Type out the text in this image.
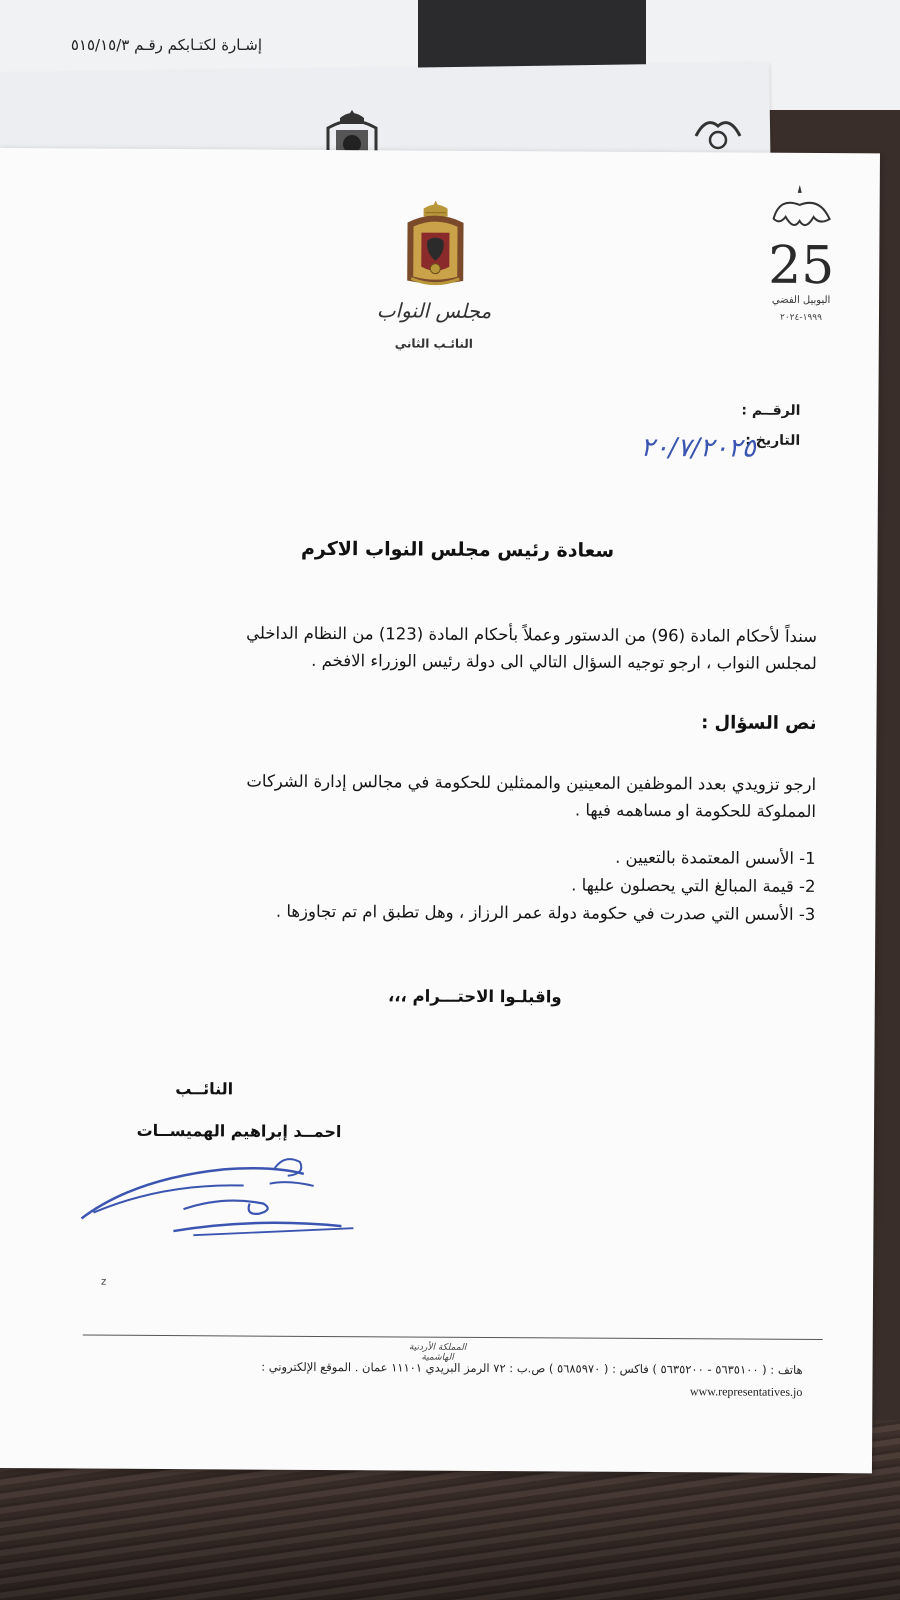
إشـارة لكتـابكم رقـم ٥١٥/١٥/٣
25
اليوبيل الفضي
١٩٩٩-٢٠٢٤
مجلس النواب
النائـب الثاني
الرقــم :
التاريخ :
٢٠/٧/٢٠٢٥
سعادة رئيس مجلس النواب الاكرم
سنداً لأحكام المادة (96) من الدستور وعملاً بأحكام المادة (123) من النظام الداخلي
لمجلس النواب ، ارجو توجيه السؤال التالي الى دولة رئيس الوزراء الافخم .
نص السؤال :
ارجو تزويدي بعدد الموظفين المعينين والممثلين للحكومة في مجالس إدارة الشركات
المملوكة للحكومة او مساهمه فيها .
1- الأسس المعتمدة بالتعيين .
2- قيمة المبالغ التي يحصلون عليها .
3- الأسس التي صدرت في حكومة دولة عمر الرزاز ، وهل تطبق ام تم تجاوزها .
واقبلـوا الاحتـــرام ،،،
النائــب
احمــد إبراهيم الهميســات
z
المملكة الأردنية الهاشمية
هاتف : ( ٥٦٣٥١٠٠ - ٥٦٣٥٢٠٠ ) فاكس : ( ٥٦٨٥٩٧٠ ) ص.ب : ٧٢ الرمز البريدي ١١١٠١ عمان . الموقع الإلكتروني :
www.representatives.jo
